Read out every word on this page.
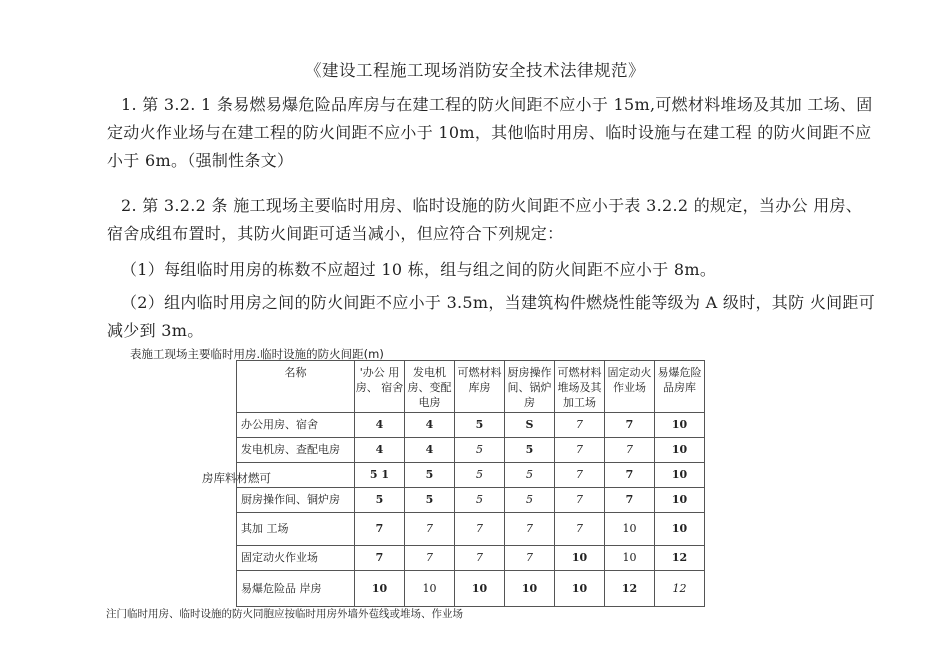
《建设工程施工现场消防安全技术法律规范》

1. 第 3.2. 1 条易燃易爆危险品库房与在建工程的防火间距不应小于 15m,可燃材料堆场及其加 工场、固定动火作业场与在建工程的防火间距不应小于 10m，其他临时用房、临时设施与在建工程 的防火间距不应小于 6m。（强制性条文）

2. 第 3.2.2 条 施工现场主要临时用房、临时设施的防火间距不应小于表 3.2.2 的规定，当办公 用房、宿舍成组布置时，其防火间距可适当减小，但应符合下列规定：

（1）每组临时用房的栋数不应超过 10 栋，组与组之间的防火间距不应小于 8m。

（2）组内临时用房之间的防火间距不应小于 3.5m，当建筑构件燃烧性能等级为 A 级时，其防 火间距可减少到 3m。

表施工现场主要临时用房.临时设施的防火间距(m)
房库料材燃可
名称	'办公 用房、 宿舍	发电机房、变配电房	可燃材料库房	厨房操作间、锅炉房	可燃材料堆场及其加工场	固定动火作业场	易爆危险品房库
办公用房、宿舍	4	4	5	S	7	7	10
发电机房、查配电房	4	4	5	5	7	7	10
	5 1	5	5	5	7	7	10
厨房操作间、铜炉房	5	5	5	5	7	7	10
其加 工场	7	7	7	7	7	10	10
固定动火作业场	7	7	7	7	10	10	12
易爆危险品 岸房	10	10	10	10	10	12	12
注门临时用房、临时设施的防火同胞应按临时用房外墙外苞线或堆场、作业场
